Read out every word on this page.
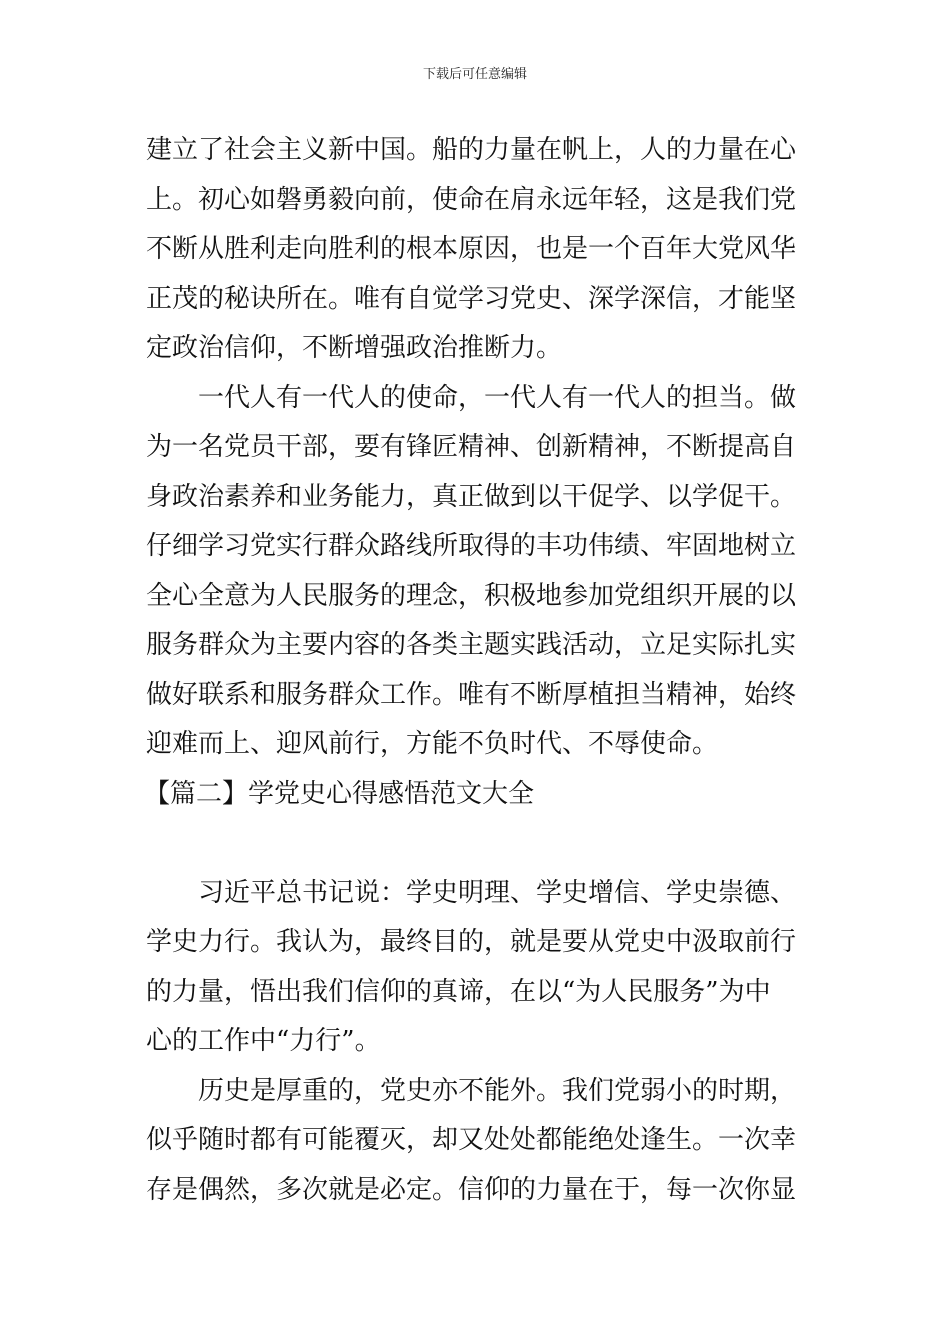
下载后可任意编辑
建立了社会主义新中国。船的力量在帆上，人的力量在心
上。初心如磐勇毅向前，使命在肩永远年轻，这是我们党
不断从胜利走向胜利的根本原因，也是一个百年大党风华
正茂的秘诀所在。唯有自觉学习党史、深学深信，才能坚
定政治信仰，不断增强政治推断力。
一代人有一代人的使命，一代人有一代人的担当。做
为一名党员干部，要有锋匠精神、创新精神，不断提高自
身政治素养和业务能力，真正做到以干促学、以学促干。
仔细学习党实行群众路线所取得的丰功伟绩、牢固地树立
全心全意为人民服务的理念，积极地参加党组织开展的以
服务群众为主要内容的各类主题实践活动，立足实际扎实
做好联系和服务群众工作。唯有不断厚植担当精神，始终
迎难而上、迎风前行，方能不负时代、不辱使命。
【篇二】学党史心得感悟范文大全
习近平总书记说：学史明理、学史增信、学史崇德、
学史力行。我认为，最终目的，就是要从党史中汲取前行
的力量，悟出我们信仰的真谛，在以“为人民服务”为中
心的工作中“力行”。
历史是厚重的，党史亦不能外。我们党弱小的时期，
似乎随时都有可能覆灭，却又处处都能绝处逢生。一次幸
存是偶然，多次就是必定。信仰的力量在于，每一次你显
